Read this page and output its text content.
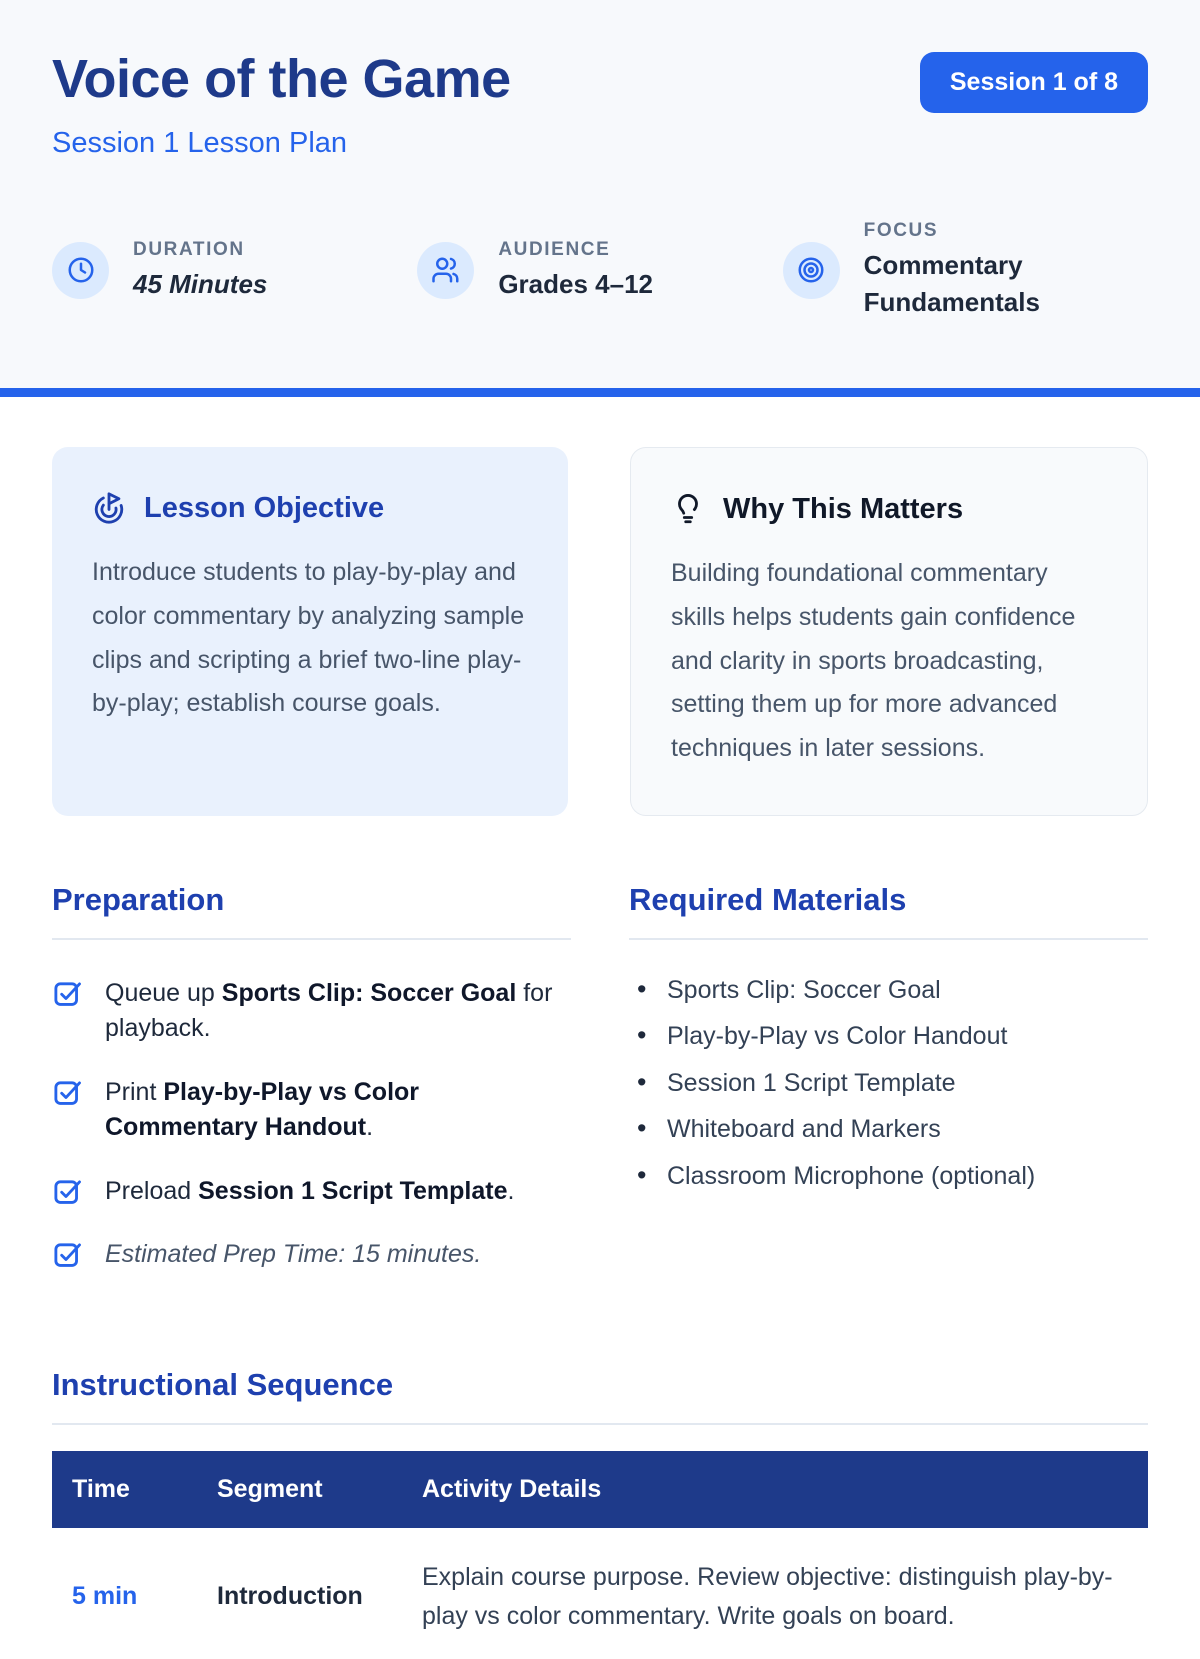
Voice of the Game
Session 1 Lesson Plan
Session 1 of 8
DURATION
45 Minutes
AUDIENCE
Grades 4–12
FOCUS
Commentary Fundamentals
Lesson Objective

Introduce students to play-by-play and color commentary by analyzing sample clips and scripting a brief two-line play-by-play; establish course goals.

Why This Matters

Building foundational commentary skills helps students gain confidence and clarity in sports broadcasting, setting them up for more advanced techniques in later sessions.

Preparation
Queue up Sports Clip: Soccer Goal for playback.
Print Play-by-Play vs Color Commentary Handout.
Preload Session 1 Script Template.
Estimated Prep Time: 15 minutes.
Required Materials
• Sports Clip: Soccer Goal
• Play-by-Play vs Color Handout
• Session 1 Script Template
• Whiteboard and Markers
• Classroom Microphone (optional)
Instructional Sequence
Time	Segment	Activity Details
5 min	Introduction	Explain course purpose. Review objective: distinguish play-by-play vs color commentary. Write goals on board.
